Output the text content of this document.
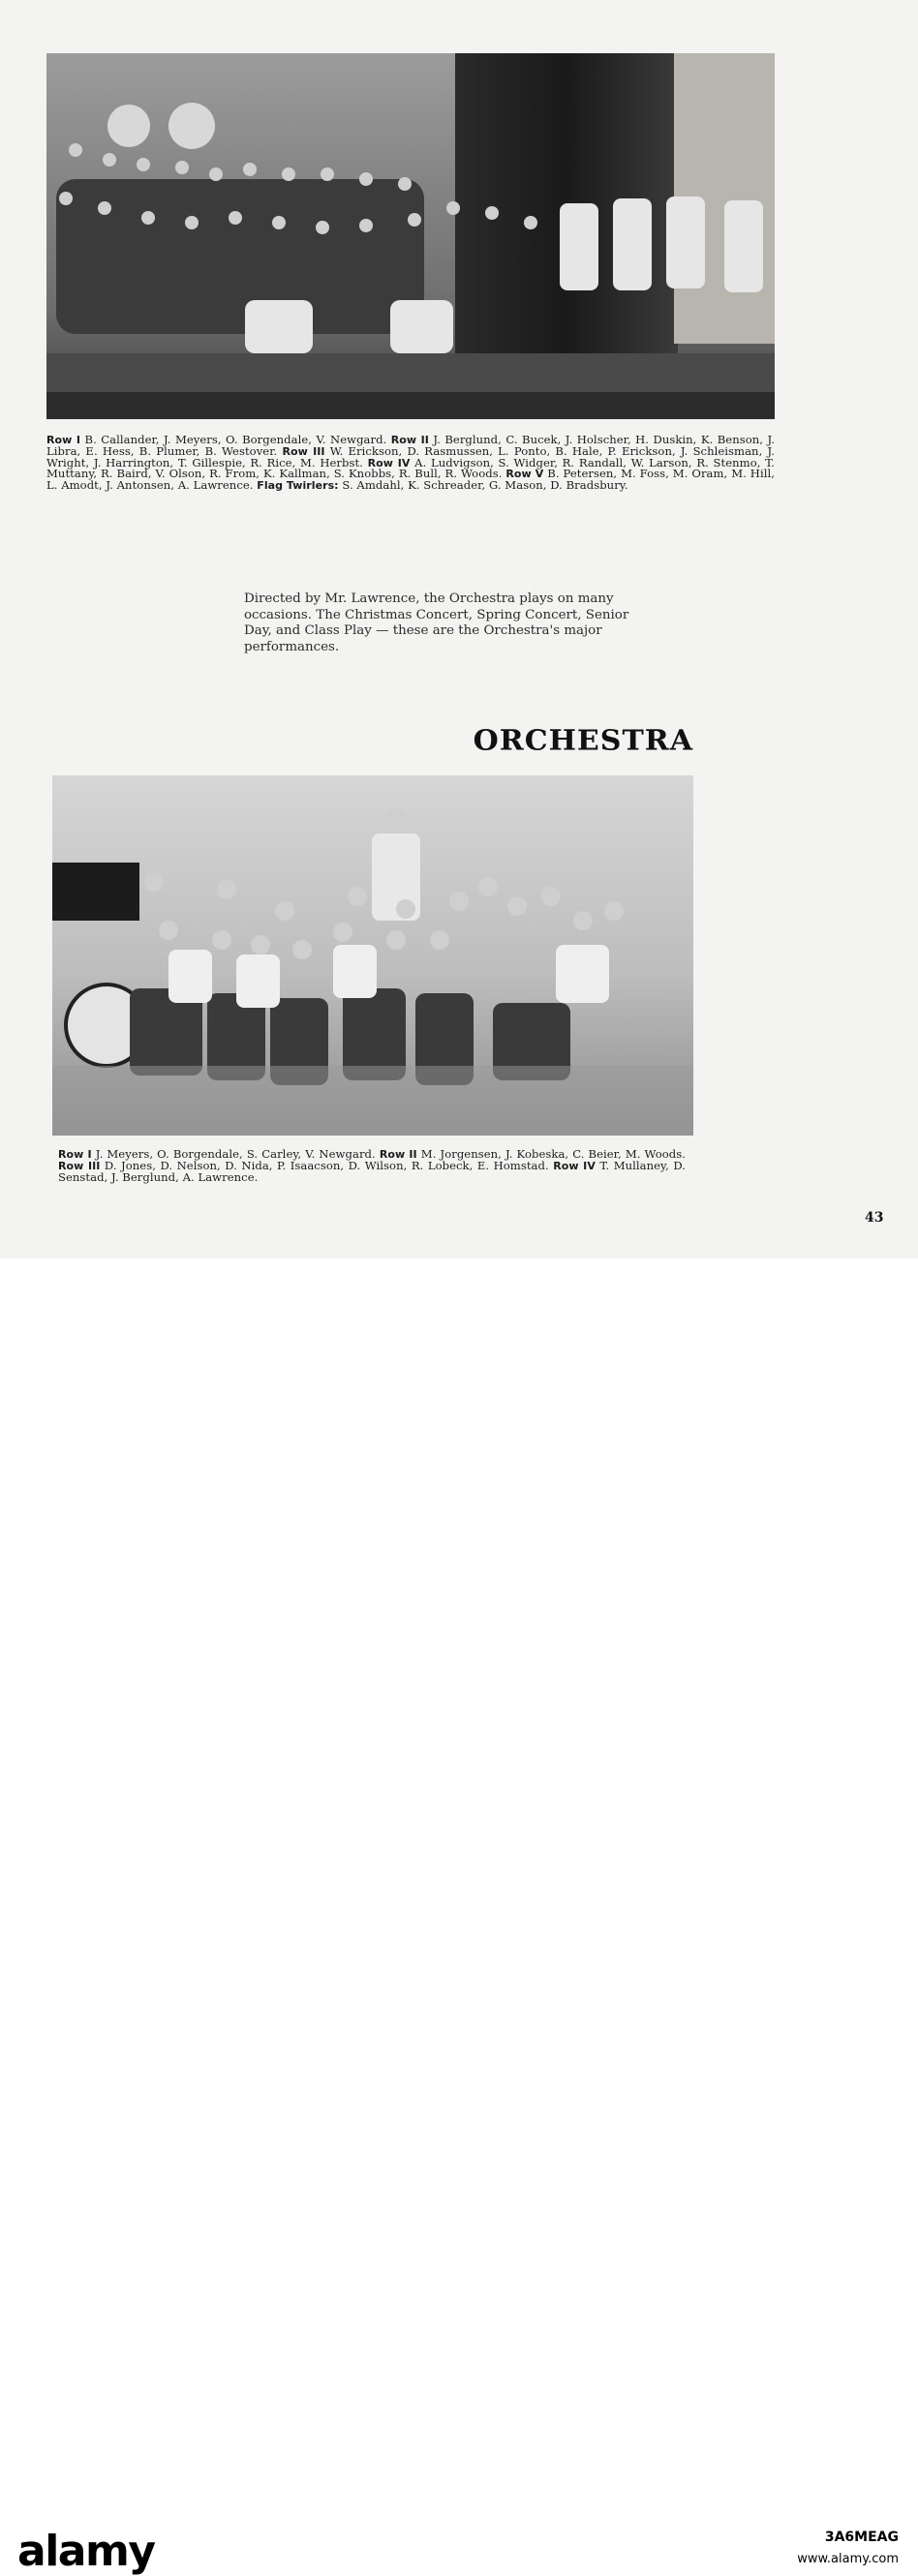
Row I B. Callander, J. Meyers, O. Borgendale, V. Newgard. Row II J. Berglund, C. Bucek, J. Holscher, H. Duskin, K. Benson, J. Libra, E. Hess, B. Plumer, B. Westover. Row III W. Erickson, D. Rasmussen, L. Ponto, B. Hale, P. Erickson, J. Schleisman, J. Wright, J. Harrington, T. Gillespie, R. Rice, M. Herbst. Row IV A. Ludvigson, S. Widger, R. Randall, W. Larson, R. Stenmo, T. Muttany, R. Baird, V. Olson, R. From, K. Kallman, S. Knobbs, R. Bull, R. Woods. Row V B. Petersen, M. Foss, M. Oram, M. Hill, L. Amodt, J. Antonsen, A. Lawrence. Flag Twirlers: S. Amdahl, K. Schreader, G. Mason, D. Bradsbury.
Directed by Mr. Lawrence, the Orchestra plays on many occasions. The Christmas Concert, Spring Concert, Senior Day, and Class Play — these are the Orchestra's major performances.
ORCHESTRA
Row I J. Meyers, O. Borgendale, S. Carley, V. Newgard. Row II M. Jorgensen, J. Kobeska, C. Beier, M. Woods. Row III D. Jones, D. Nelson, D. Nida, P. Isaacson, D. Wilson, R. Lobeck, E. Homstad. Row IV T. Mullaney, D. Senstad, J. Berglund, A. Lawrence.
43
alamy	3A6MEAG
www.alamy.com
